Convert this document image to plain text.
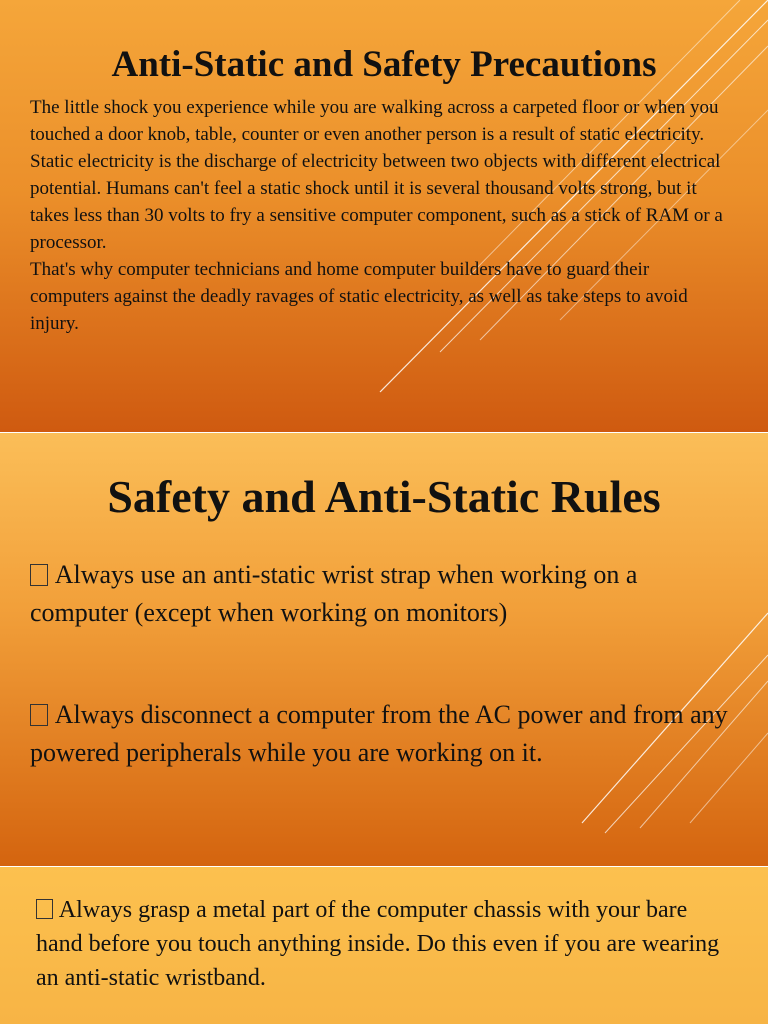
Anti-Static and Safety Precautions

The little shock you experience while you are walking across a carpeted floor or when you touched a door knob, table, counter or even another person is a result of static electricity. Static electricity is the discharge of electricity between two objects with different electrical potential. Humans can't feel a static shock until it is several thousand volts strong, but it takes less than 30 volts to fry a sensitive computer component, such as a stick of RAM or a processor.

That's why computer technicians and home computer builders have to guard their computers against the deadly ravages of static electricity, as well as take steps to avoid injury.

Safety and Anti-Static Rules

Always use an anti-static wrist strap when working on a computer (except when working on monitors)

Always disconnect a computer from the AC power and from any powered peripherals while you are working on it.

Always grasp a metal part of the computer chassis with your bare hand before you touch anything inside. Do this even if you are wearing an anti-static wristband.
